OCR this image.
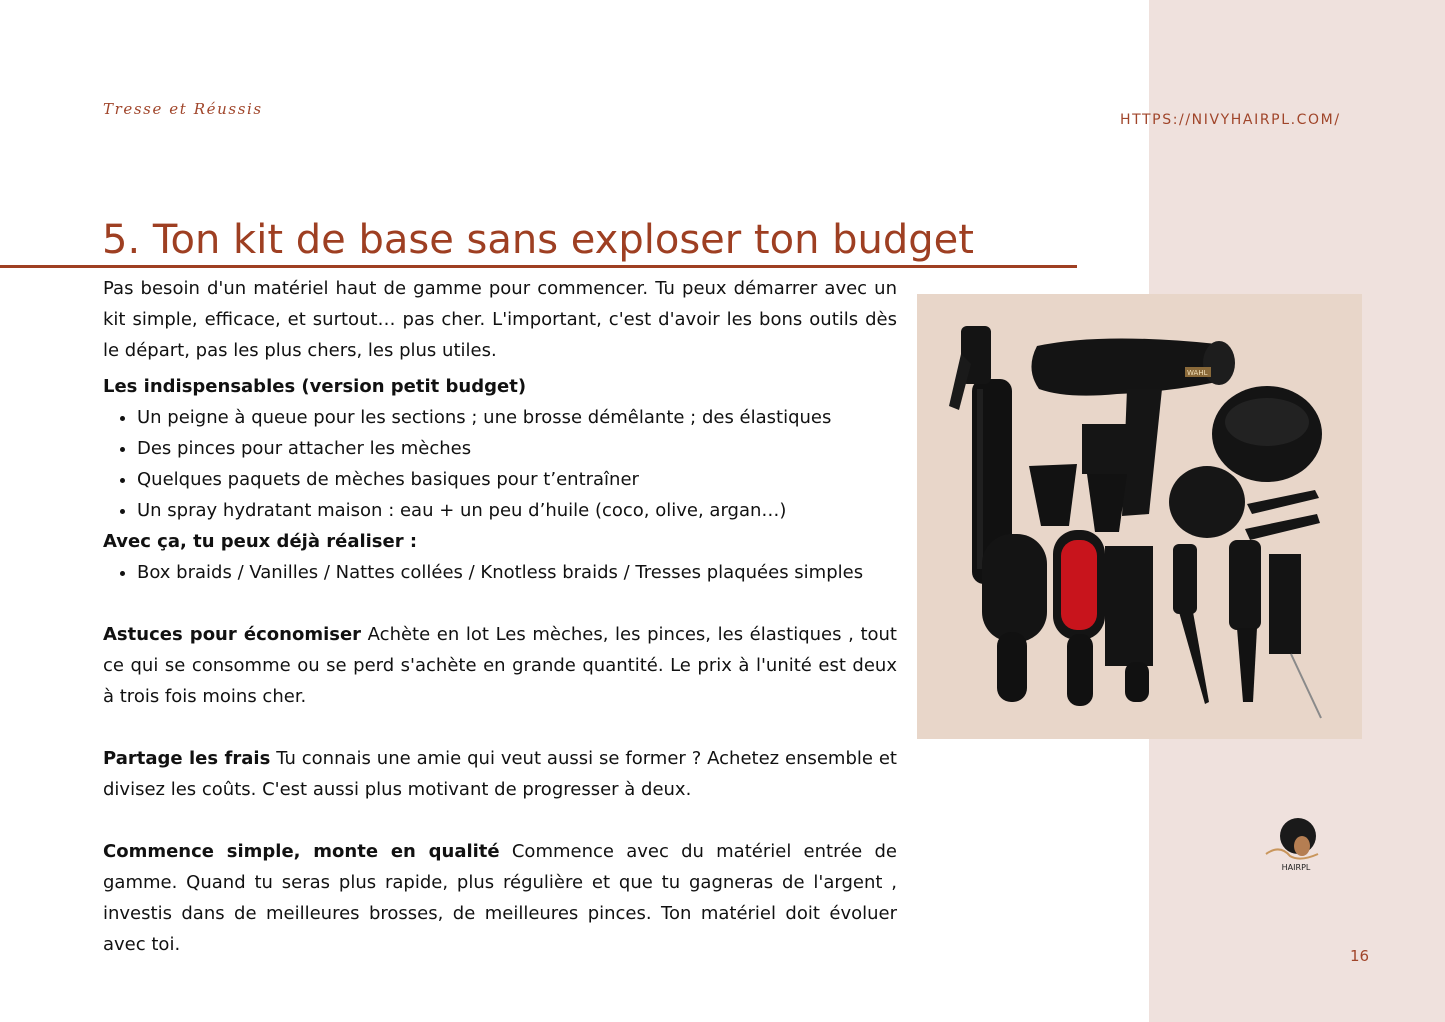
Tresse et Réussis
HTTPS://NIVYHAIRPL.COM/
5. Ton kit de base sans exploser ton budget

Pas besoin d'un matériel haut de gamme pour commencer. Tu peux démarrer avec un kit simple, efficace, et surtout… pas cher. L'important, c'est d'avoir les bons outils dès le départ, pas les plus chers, les plus utiles.

Les indispensables (version petit budget)
• Un peigne à queue pour les sections ; une brosse démêlante ; des élastiques
• Des pinces pour attacher les mèches
• Quelques paquets de mèches basiques pour t’entraîner
• Un spray hydratant maison : eau + un peu d’huile (coco, olive, argan…)
Avec ça, tu peux déjà réaliser :
• Box braids / Vanilles / Nattes collées / Knotless braids / Tresses plaquées simples

Astuces pour économiser Achète en lot Les mèches, les pinces, les élastiques , tout ce qui se consomme ou se perd s'achète en grande quantité. Le prix à l'unité est deux à trois fois moins cher.

Partage les frais Tu connais une amie qui veut aussi se former ? Achetez ensemble et divisez les coûts. C'est aussi plus motivant de progresser à deux.

Commence simple, monte en qualité Commence avec du matériel entrée de gamme. Quand tu seras plus rapide, plus régulière et que tu gagneras de l'argent , investis dans de meilleures brosses, de meilleures pinces. Ton matériel doit évoluer avec toi.

WAHL
HAIRPL
16
